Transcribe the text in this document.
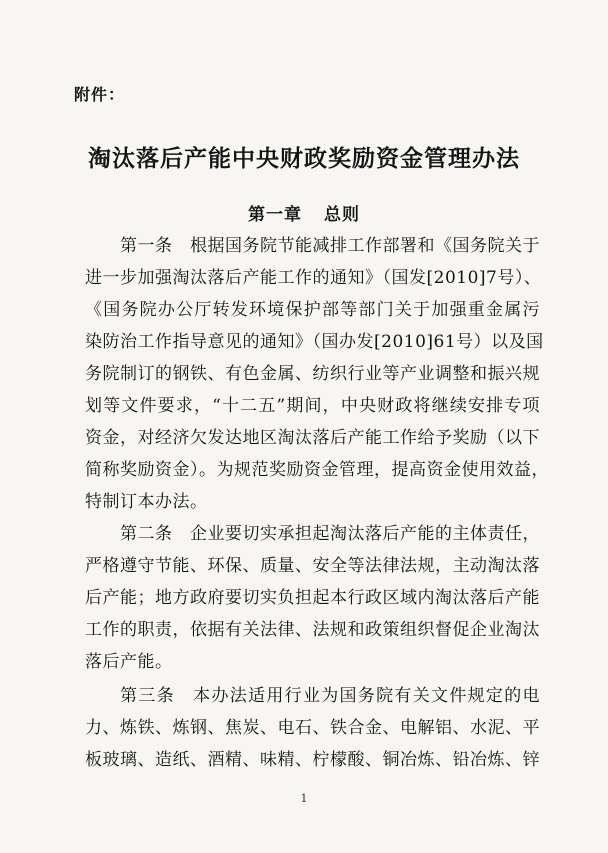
附件：
淘汰落后产能中央财政奖励资金管理办法
第一章 总则
第一条　根据国务院节能减排工作部署和《国务院关于
进一步加强淘汰落后产能工作的通知》（国发[2010]7号）、
《国务院办公厅转发环境保护部等部门关于加强重金属污
染防治工作指导意见的通知》（国办发[2010]61号）以及国
务院制订的钢铁、有色金属、纺织行业等产业调整和振兴规
划等文件要求，“十二五”期间，中央财政将继续安排专项
资金，对经济欠发达地区淘汰落后产能工作给予奖励（以下
简称奖励资金）。为规范奖励资金管理，提高资金使用效益，
特制订本办法。
第二条　企业要切实承担起淘汰落后产能的主体责任，
严格遵守节能、环保、质量、安全等法律法规，主动淘汰落
后产能；地方政府要切实负担起本行政区域内淘汰落后产能
工作的职责，依据有关法律、法规和政策组织督促企业淘汰
落后产能。
第三条　本办法适用行业为国务院有关文件规定的电
力、炼铁、炼钢、焦炭、电石、铁合金、电解铝、水泥、平
板玻璃、造纸、酒精、味精、柠檬酸、铜冶炼、铅冶炼、锌
1
